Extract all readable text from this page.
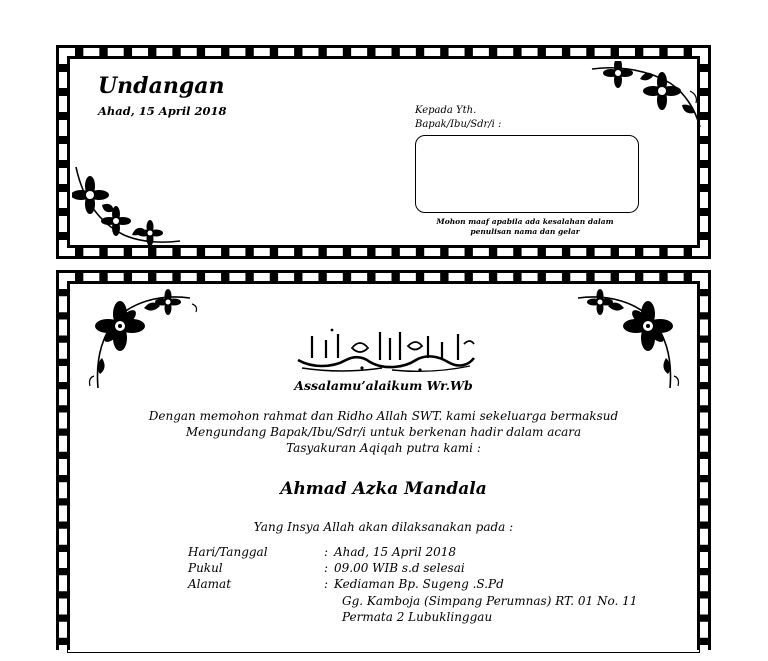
Undangan
Ahad, 15 April 2018	Kepada Yth.
Bapak/Ibu/Sdr/i :
Mohon maaf apabila ada kesalahan dalam penulisan nama dan gelar
Assalamu’alaikum Wr.Wb
Dengan memohon rahmat dan Ridho Allah SWT. kami sekeluarga bermaksud
Mengundang Bapak/Ibu/Sdr/i untuk berkenan hadir dalam acara
Tasyakuran Aqiqah putra kami :
Ahmad Azka Mandala
Yang Insya Allah akan dilaksanakan pada :
Hari/Tanggal	: Ahad, 15 April 2018
Pukul	: 09.00 WIB s.d selesai
Alamat	: Kediaman Bp. Sugeng .S.Pd
Gg. Kamboja (Simpang Perumnas) RT. 01 No. 11
Permata 2 Lubuklinggau
